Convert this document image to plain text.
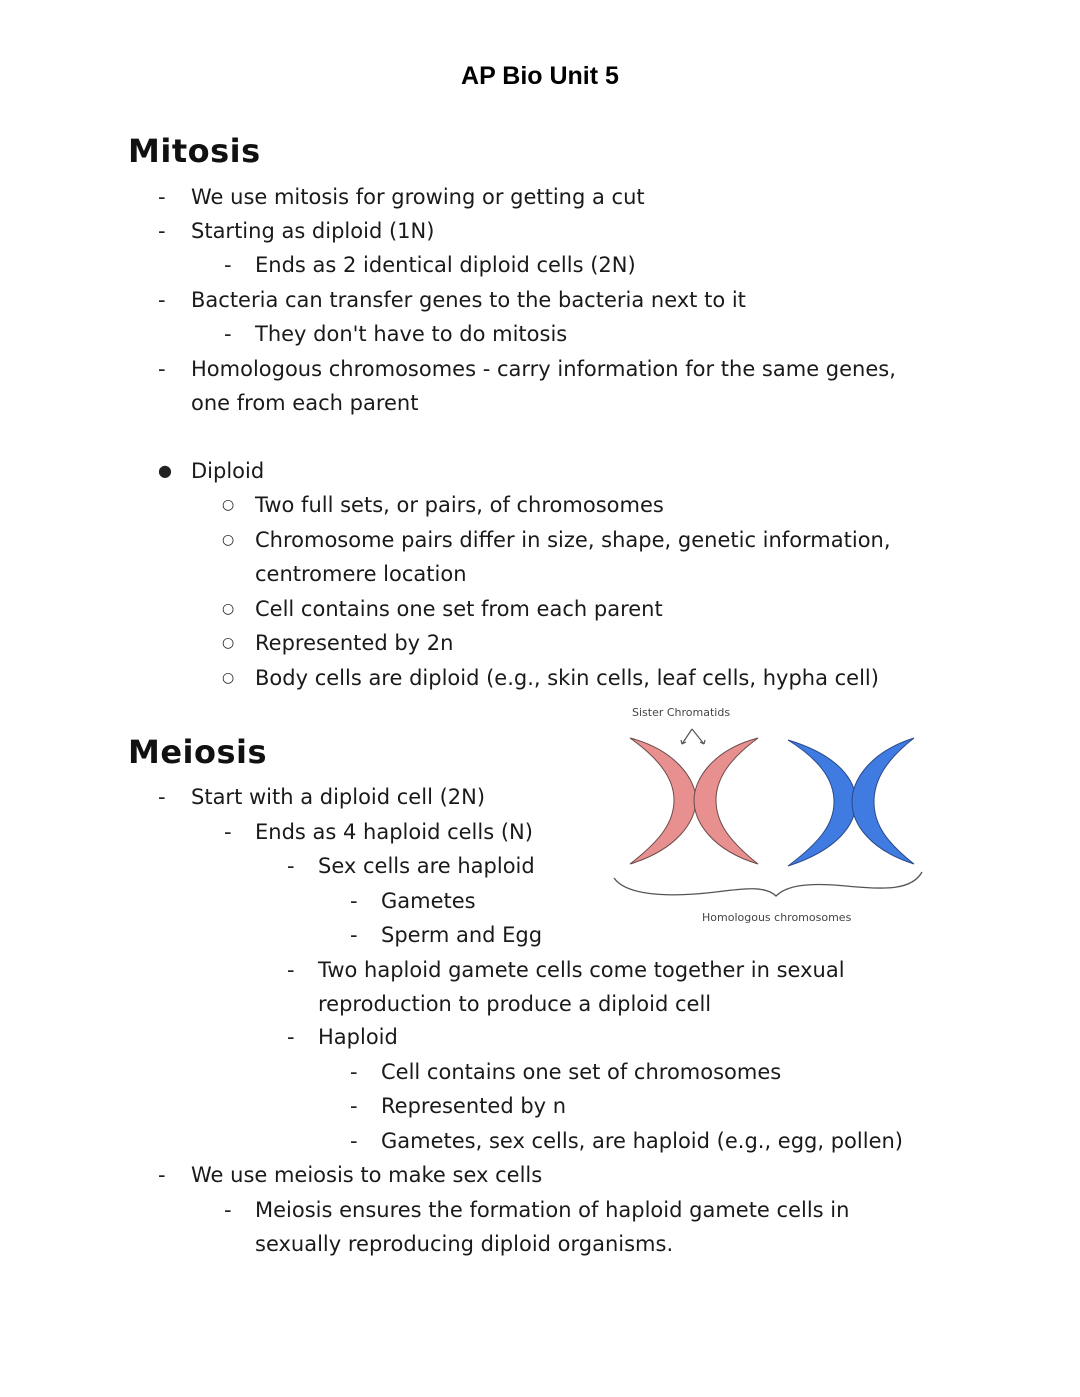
AP Bio Unit 5
Mitosis
- We use mitosis for growing or getting a cut
- Starting as diploid (1N)
- Ends as 2 identical diploid cells (2N)
- Bacteria can transfer genes to the bacteria next to it
- They don't have to do mitosis
- Homologous chromosomes - carry information for the same genes,
one from each parent
● Diploid
○ Two full sets, or pairs, of chromosomes
○ Chromosome pairs differ in size, shape, genetic information,
centromere location
○ Cell contains one set from each parent
○ Represented by 2n
○ Body cells are diploid (e.g., skin cells, leaf cells, hypha cell)
Meiosis
- Start with a diploid cell (2N)
- Ends as 4 haploid cells (N)
- Sex cells are haploid
- Gametes
- Sperm and Egg
- Two haploid gamete cells come together in sexual
reproduction to produce a diploid cell
- Haploid
- Cell contains one set of chromosomes
- Represented by n
- Gametes, sex cells, are haploid (e.g., egg, pollen)
- We use meiosis to make sex cells
- Meiosis ensures the formation of haploid gamete cells in
sexually reproducing diploid organisms.
Sister Chromatids
Homologous chromosomes
